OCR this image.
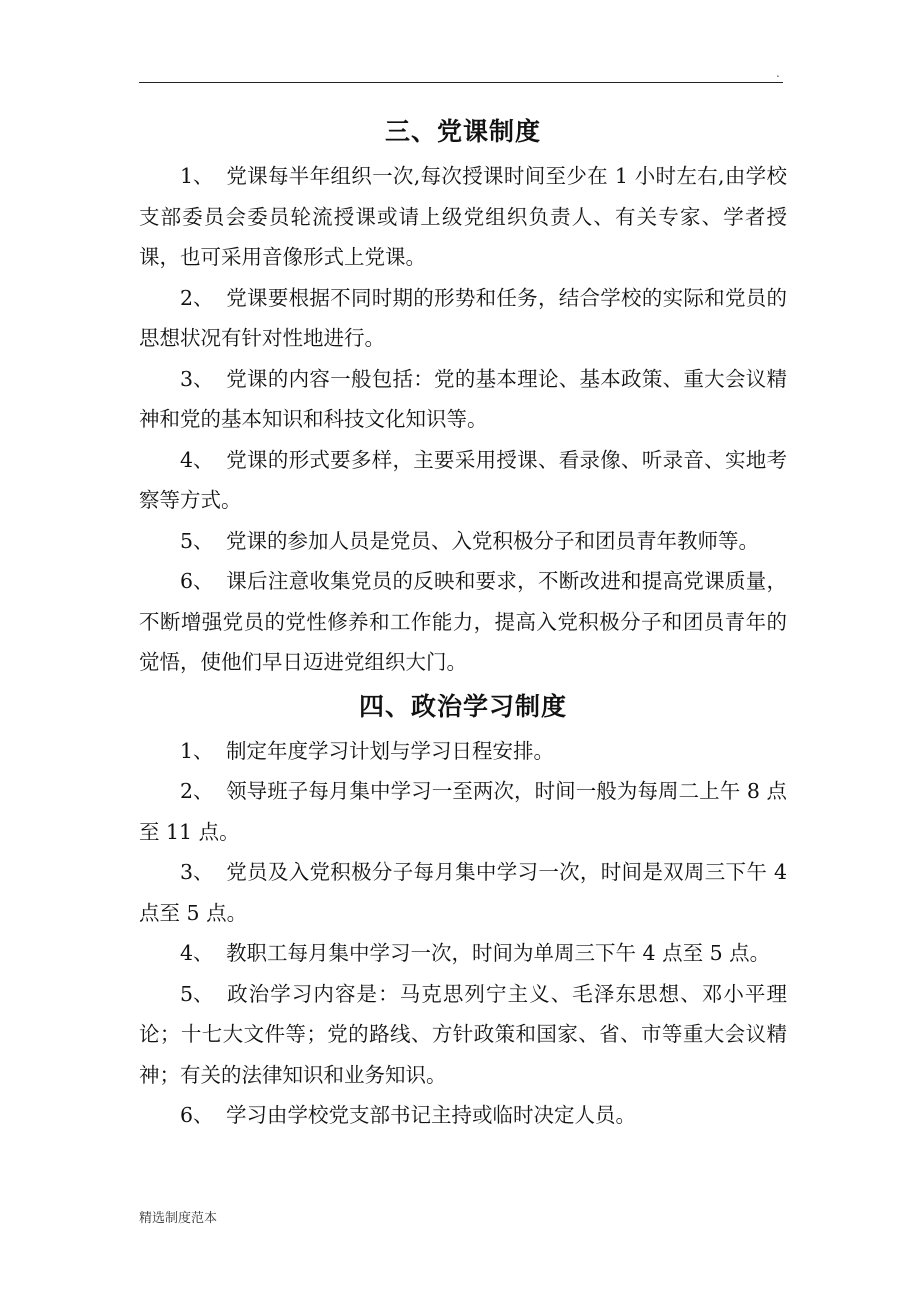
.
三、党课制度

1、 党课每半年组织一次,每次授课时间至少在 1 小时左右,由学校支部委员会委员轮流授课或请上级党组织负责人、有关专家、学者授课，也可采用音像形式上党课。

2、 党课要根据不同时期的形势和任务，结合学校的实际和党员的思想状况有针对性地进行。

3、 党课的内容一般包括：党的基本理论、基本政策、重大会议精神和党的基本知识和科技文化知识等。

4、 党课的形式要多样，主要采用授课、看录像、听录音、实地考察等方式。

5、 党课的参加人员是党员、入党积极分子和团员青年教师等。

6、 课后注意收集党员的反映和要求，不断改进和提高党课质量，不断增强党员的党性修养和工作能力，提高入党积极分子和团员青年的觉悟，使他们早日迈进党组织大门。

四、政治学习制度

1、 制定年度学习计划与学习日程安排。

2、 领导班子每月集中学习一至两次，时间一般为每周二上午 8 点至 11 点。

3、 党员及入党积极分子每月集中学习一次，时间是双周三下午 4 点至 5 点。

4、 教职工每月集中学习一次，时间为单周三下午 4 点至 5 点。

5、 政治学习内容是：马克思列宁主义、毛泽东思想、邓小平理论；十七大文件等；党的路线、方针政策和国家、省、市等重大会议精神；有关的法律知识和业务知识。

6、 学习由学校党支部书记主持或临时决定人员。

精选制度范本
